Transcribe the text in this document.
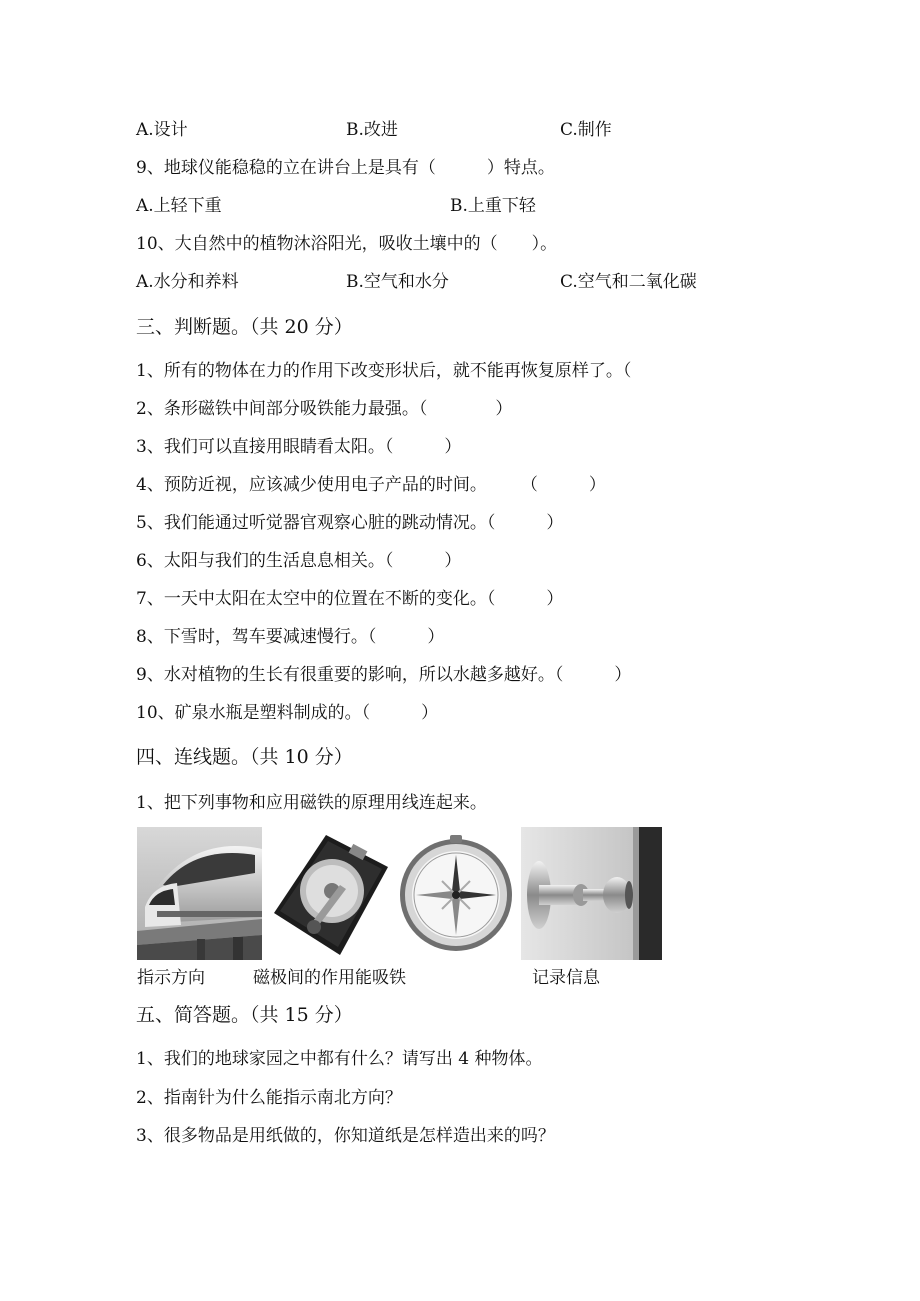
A.设计	B.改进	C.制作
9、地球仪能稳稳的立在讲台上是具有（　　　）特点。
A.上轻下重	B.上重下轻
10、大自然中的植物沐浴阳光，吸收土壤中的（　　）。
A.水分和养料	B.空气和水分	C.空气和二氧化碳
三、判断题。（共 20 分）
1、所有的物体在力的作用下改变形状后，就不能再恢复原样了。（
2、条形磁铁中间部分吸铁能力最强。（　　　　）
3、我们可以直接用眼睛看太阳。（　　　）
4、预防近视，应该减少使用电子产品的时间。　　　（　　　）
5、我们能通过听觉器官观察心脏的跳动情况。（　　　）
6、太阳与我们的生活息息相关。（　　　）
7、一天中太阳在太空中的位置在不断的变化。（　　　）
8、下雪时，驾车要减速慢行。（　　　）
9、水对植物的生长有很重要的影响，所以水越多越好。（　　　）
10、矿泉水瓶是塑料制成的。（　　　）
四、连线题。（共 10 分）
1、把下列事物和应用磁铁的原理用线连起来。
指示方向	磁极间的作用能吸铁	记录信息
五、简答题。（共 15 分）
1、我们的地球家园之中都有什么？请写出 4 种物体。
2、指南针为什么能指示南北方向？
3、很多物品是用纸做的，你知道纸是怎样造出来的吗？
